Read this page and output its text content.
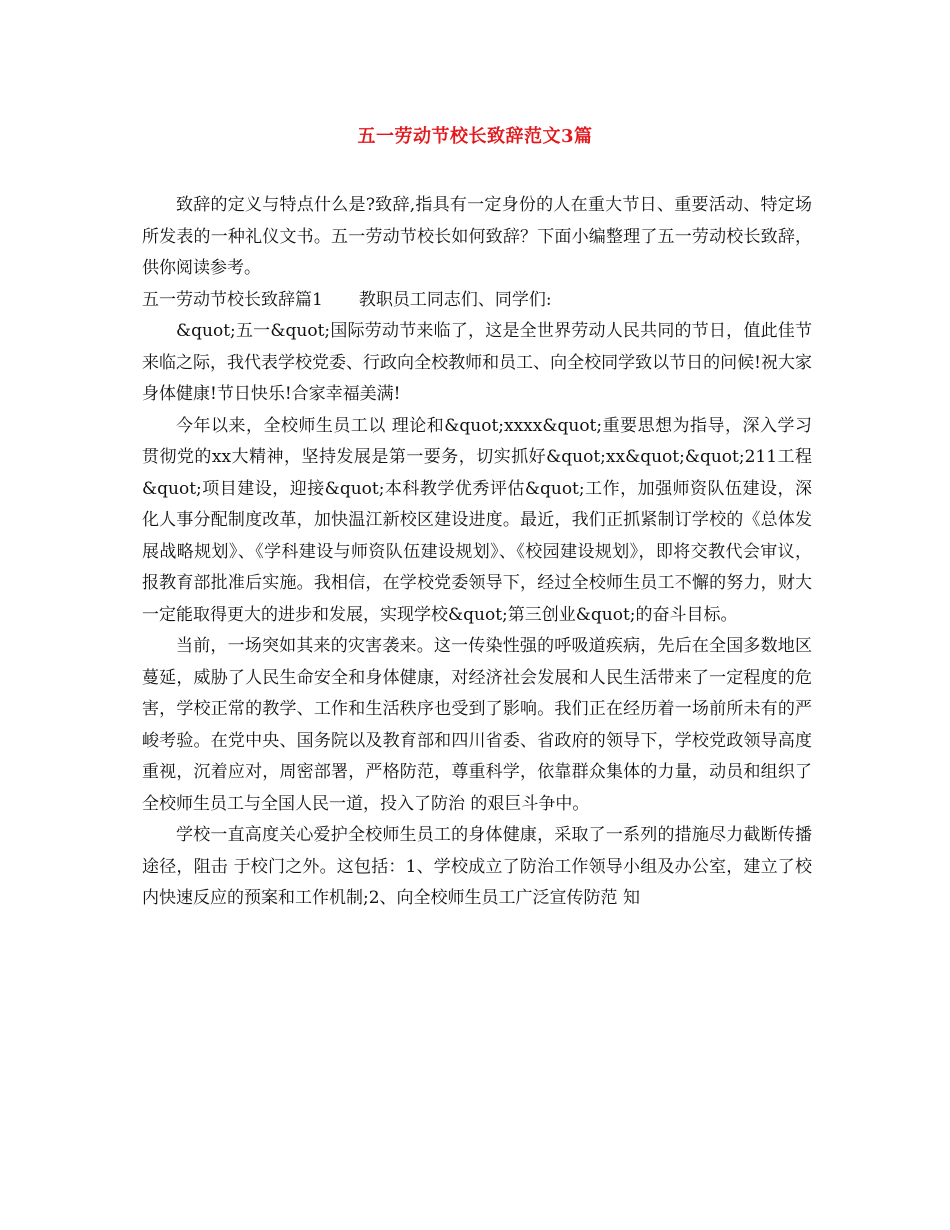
五一劳动节校长致辞范文3篇

致辞的定义与特点什么是?致辞,指具有一定身份的人在重大节日、重要活动、特定场所发表的一种礼仪文书。五一劳动节校长如何致辞？下面小编整理了五一劳动校长致辞，供你阅读参考。

五一劳动节校长致辞篇1 教职员工同志们、同学们:

&quot;五一&quot;国际劳动节来临了，这是全世界劳动人民共同的节日，值此佳节来临之际，我代表学校党委、行政向全校教师和员工、向全校同学致以节日的问候!祝大家身体健康!节日快乐!合家幸福美满!

今年以来，全校师生员工以 理论和&quot;xxxx&quot;重要思想为指导，深入学习贯彻党的xx大精神，坚持发展是第一要务，切实抓好&quot;xx&quot;&quot;211工程&quot;项目建设，迎接&quot;本科教学优秀评估&quot;工作，加强师资队伍建设，深化人事分配制度改革，加快温江新校区建设进度。最近，我们正抓紧制订学校的《总体发展战略规划》、《学科建设与师资队伍建设规划》、《校园建设规划》，即将交教代会审议，报教育部批准后实施。我相信，在学校党委领导下，经过全校师生员工不懈的努力，财大一定能取得更大的进步和发展，实现学校&quot;第三创业&quot;的奋斗目标。

当前，一场突如其来的灾害袭来。这一传染性强的呼吸道疾病，先后在全国多数地区蔓延，威胁了人民生命安全和身体健康，对经济社会发展和人民生活带来了一定程度的危害，学校正常的教学、工作和生活秩序也受到了影响。我们正在经历着一场前所未有的严峻考验。在党中央、国务院以及教育部和四川省委、省政府的领导下，学校党政领导高度重视，沉着应对，周密部署，严格防范，尊重科学，依靠群众集体的力量，动员和组织了全校师生员工与全国人民一道，投入了防治 的艰巨斗争中。

学校一直高度关心爱护全校师生员工的身体健康，采取了一系列的措施尽力截断传播途径，阻击 于校门之外。这包括：1、学校成立了防治工作领导小组及办公室，建立了校内快速反应的预案和工作机制;2、向全校师生员工广泛宣传防范 知
